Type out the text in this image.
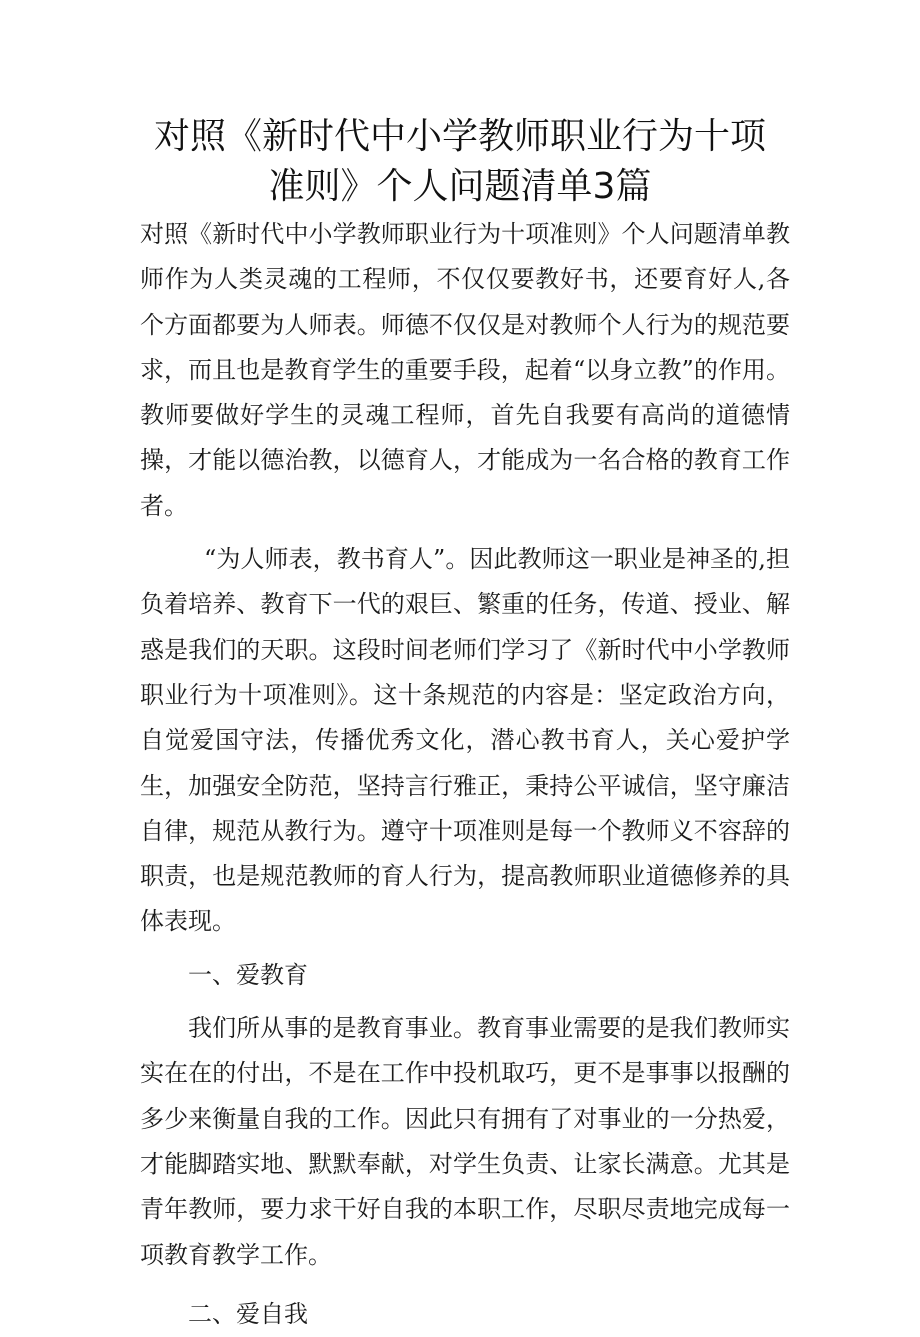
对照《新时代中小学教师职业行为十项准则》个人问题清单3篇

对照《新时代中小学教师职业行为十项准则》个人问题清单教师作为人类灵魂的工程师，不仅仅要教好书，还要育好人,各个方面都要为人师表。师德不仅仅是对教师个人行为的规范要求，而且也是教育学生的重要手段，起着“以身立教”的作用。教师要做好学生的灵魂工程师，首先自我要有高尚的道德情操，才能以德治教，以德育人，才能成为一名合格的教育工作者。

“为人师表，教书育人”。因此教师这一职业是神圣的,担负着培养、教育下一代的艰巨、繁重的任务，传道、授业、解惑是我们的天职。这段时间老师们学习了《新时代中小学教师职业行为十项准则》。这十条规范的内容是：坚定政治方向，自觉爱国守法，传播优秀文化，潜心教书育人，关心爱护学生，加强安全防范，坚持言行雅正，秉持公平诚信，坚守廉洁自律，规范从教行为。遵守十项准则是每一个教师义不容辞的职责，也是规范教师的育人行为，提高教师职业道德修养的具体表现。

一、爱教育

我们所从事的是教育事业。教育事业需要的是我们教师实实在在的付出，不是在工作中投机取巧，更不是事事以报酬的多少来衡量自我的工作。因此只有拥有了对事业的一分热爱，才能脚踏实地、默默奉献，对学生负责、让家长满意。尤其是青年教师，要力求干好自我的本职工作，尽职尽责地完成每一项教育教学工作。

二、爱自我
